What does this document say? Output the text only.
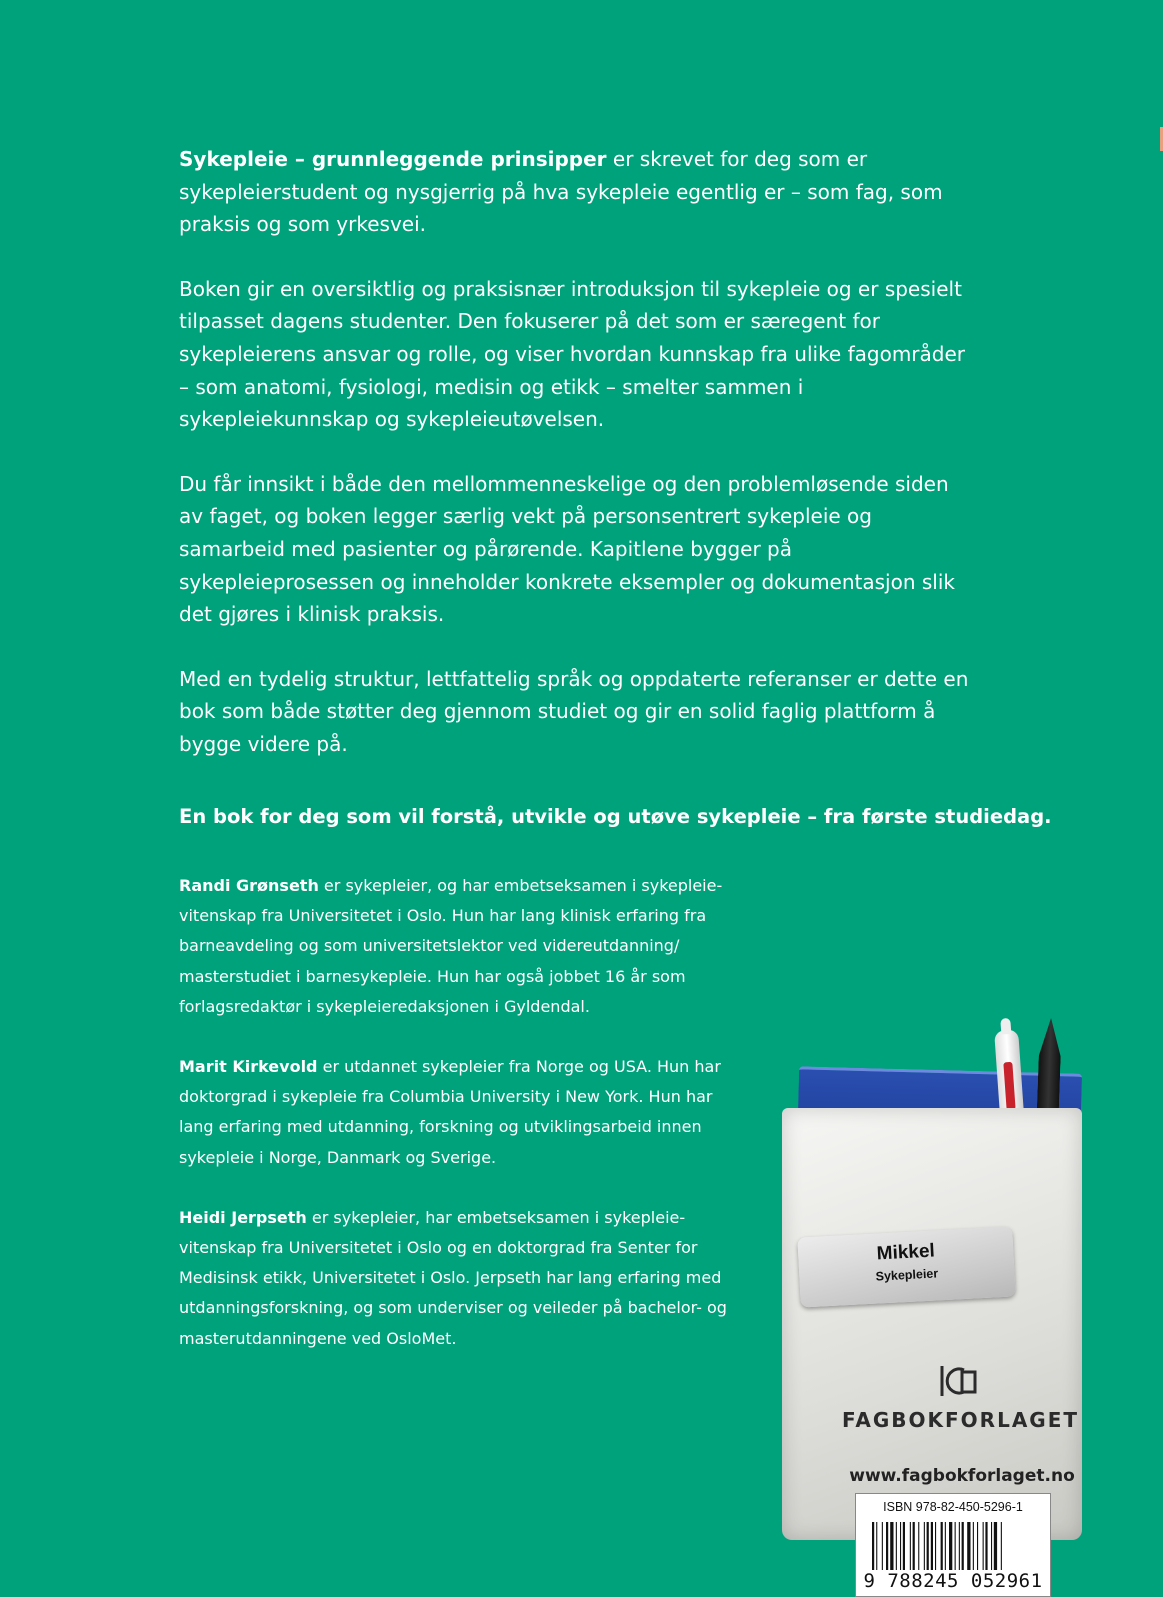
Sykepleie – grunnleggende prinsipper er skrevet for deg som er sykepleierstudent og nysgjerrig på hva sykepleie egentlig er – som fag, som praksis og som yrkesvei.

Boken gir en oversiktlig og praksisnær introduksjon til sykepleie og er spesielt tilpasset dagens studenter. Den fokuserer på det som er særegent for sykepleierens ansvar og rolle, og viser hvordan kunnskap fra ulike fagområder – som anatomi, fysiologi, medisin og etikk – smelter sammen i sykepleiekunnskap og sykepleieutøvelsen.

Du får innsikt i både den mellommenneskelige og den problemløsende siden av faget, og boken legger særlig vekt på personsentrert sykepleie og samarbeid med pasienter og pårørende. Kapitlene bygger på sykepleieprosessen og inneholder konkrete eksempler og dokumentasjon slik det gjøres i klinisk praksis.

Med en tydelig struktur, lettfattelig språk og oppdaterte referanser er dette en bok som både støtter deg gjennom studiet og gir en solid faglig plattform å bygge videre på.

En bok for deg som vil forstå, utvikle og utøve sykepleie – fra første studiedag.

Randi Grønseth er sykepleier, og har embetseksamen i sykepleievitenskap fra Universitetet i Oslo. Hun har lang klinisk erfaring fra barneavdeling og som universitetslektor ved videreutdanning/ masterstudiet i barnesykepleie. Hun har også jobbet 16 år som forlagsredaktør i sykepleieredaksjonen i Gyldendal.

Marit Kirkevold er utdannet sykepleier fra Norge og USA. Hun har doktorgrad i sykepleie fra Columbia University i New York. Hun har lang erfaring med utdanning, forskning og utviklingsarbeid innen sykepleie i Norge, Danmark og Sverige.

Heidi Jerpseth er sykepleier, har embetseksamen i sykepleievitenskap fra Universitetet i Oslo og en doktorgrad fra Senter for Medisinsk etikk, Universitetet i Oslo. Jerpseth har lang erfaring med utdanningsforskning, og som underviser og veileder på bachelor- og masterutdanningene ved OsloMet.

Mikkel
Sykepleier
FAGBOKFORLAGET
www.fagbokforlaget.no
ISBN 978-82-450-5296-1
9 788245 052961
